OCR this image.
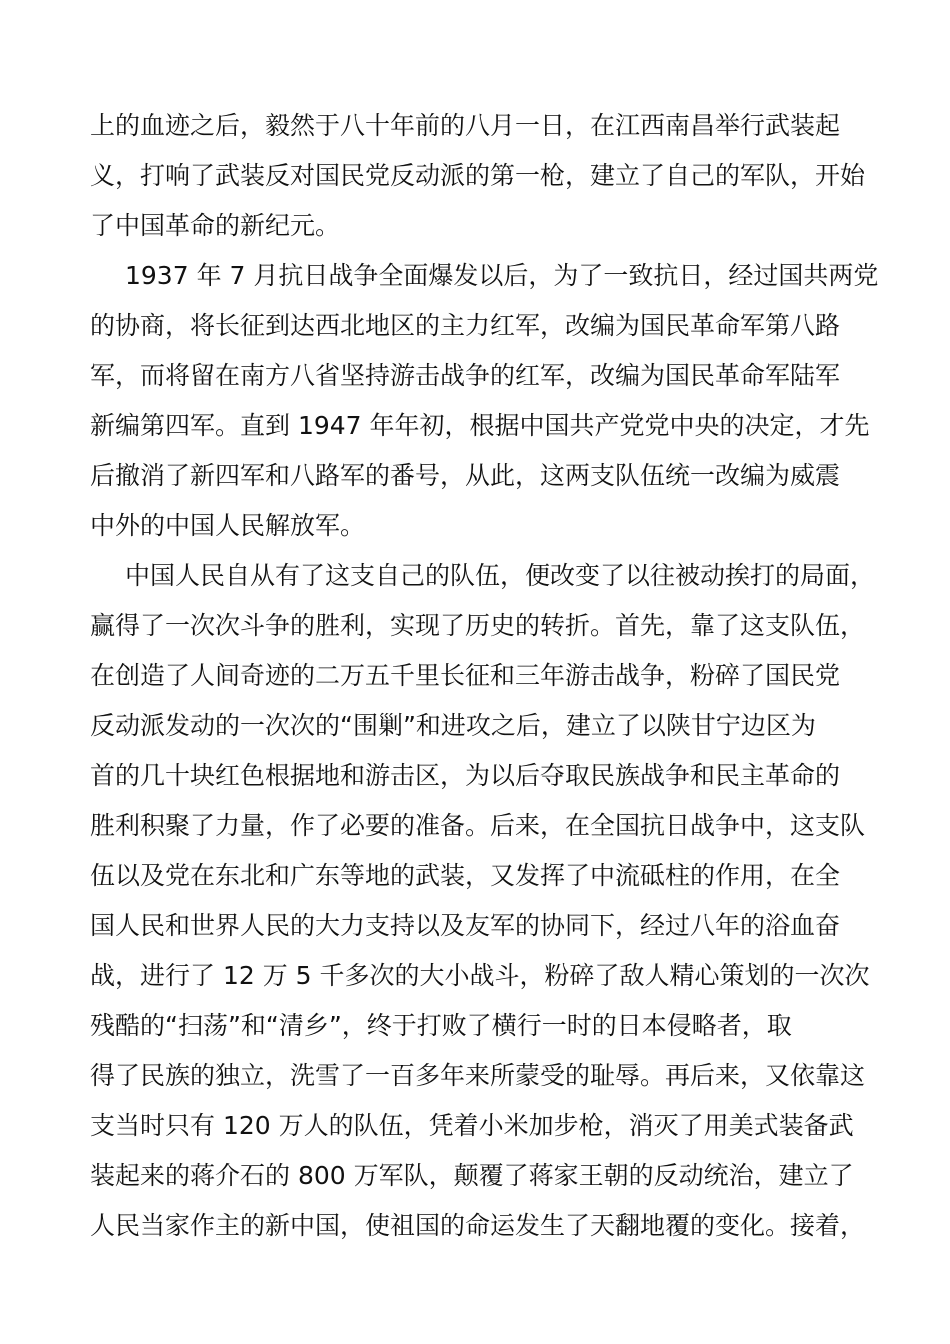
上的血迹之后，毅然于八十年前的八月一日，在江西南昌举行武装起
义，打响了武装反对国民党反动派的第一枪，建立了自己的军队，开始
了中国革命的新纪元。
1937 年 7 月抗日战争全面爆发以后，为了一致抗日，经过国共两党
的协商，将长征到达西北地区的主力红军，改编为国民革命军第八路
军，而将留在南方八省坚持游击战争的红军，改编为国民革命军陆军
新编第四军。直到 1947 年年初，根据中国共产党党中央的决定，才先
后撤消了新四军和八路军的番号，从此，这两支队伍统一改编为威震
中外的中国人民解放军。
中国人民自从有了这支自己的队伍，便改变了以往被动挨打的局面，
赢得了一次次斗争的胜利，实现了历史的转折。首先，靠了这支队伍，
在创造了人间奇迹的二万五千里长征和三年游击战争，粉碎了国民党
反动派发动的一次次的“围剿”和进攻之后，建立了以陕甘宁边区为
首的几十块红色根据地和游击区，为以后夺取民族战争和民主革命的
胜利积聚了力量，作了必要的准备。后来，在全国抗日战争中，这支队
伍以及党在东北和广东等地的武装，又发挥了中流砥柱的作用，在全
国人民和世界人民的大力支持以及友军的协同下，经过八年的浴血奋
战，进行了 12 万 5 千多次的大小战斗，粉碎了敌人精心策划的一次次
残酷的“扫荡”和“清乡”，终于打败了横行一时的日本侵略者，取
得了民族的独立，洗雪了一百多年来所蒙受的耻辱。再后来，又依靠这
支当时只有 120 万人的队伍，凭着小米加步枪，消灭了用美式装备武
装起来的蒋介石的 800 万军队，颠覆了蒋家王朝的反动统治，建立了
人民当家作主的新中国，使祖国的命运发生了天翻地覆的变化。接着，
